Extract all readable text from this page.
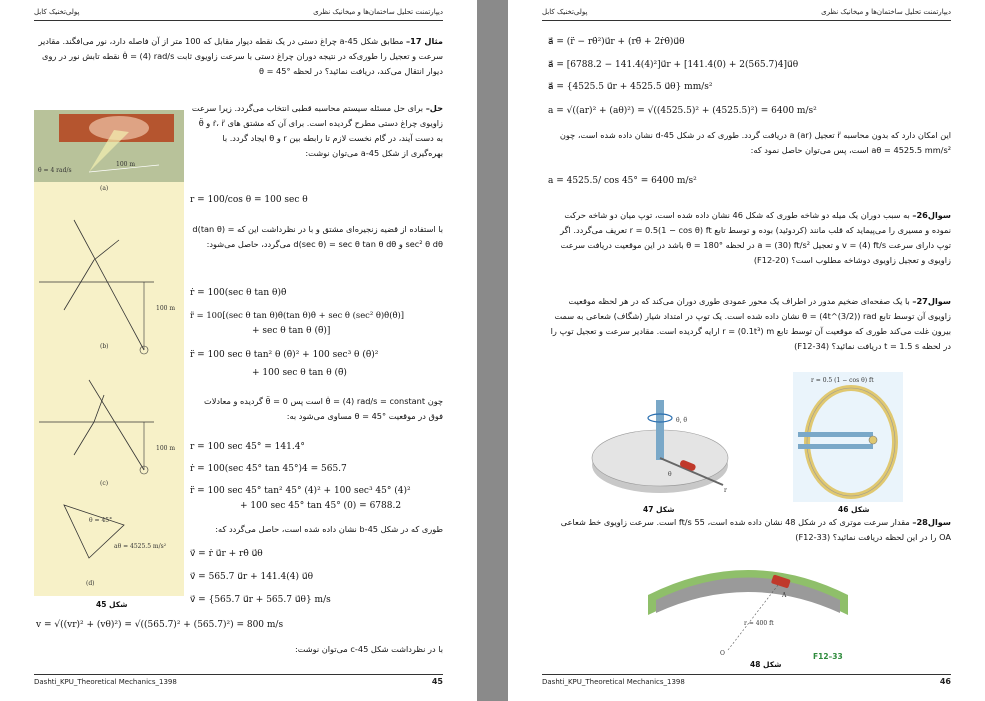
پولی‌تخنیک کابل	دیپارتمنت تحلیل ساختمان‌ها و میخانیک نظری
مثال 17– مطابق شکل 45-a چراغ دستی در یک نقطه دیوار مقابل که 100 متر از آن فاصله دارد، نور می‌افگند. مقادیر سرعت و تعجیل را طوری‌که در نتیجه دوران چراغ دستی با سرعت زاویوی ثابت θ̇ = (4) rad/s نقطه تابش نور در روی دیوار انتقال می‌کند، دریافت نمائید؟ در لحظه θ = 45°
100 m
θ̇ = 4 rad/s
(a)
100 m
(b)
100 m
(c)
θ = 45°
aθ = 4525.5 m/s²
(d)
شکل 45
حل– برای حل مسئله سیستم محاسبه قطبی انتخاب می‌گردد. زیرا سرعت زاویوی چراغ دستی مطرح گردیده است. برای آن که مشتق های ṙ، r̈ و θ̈ به دست آیند، در گام نخست لازم تا رابطه بین r و θ ایجاد گردد. با بهره‌گیری از شکل 45-a می‌توان نوشت:
r = 100/cos θ = 100 sec θ
با استفاده از قضیه زنجیره‌ای مشتق و با در نظرداشت این که d(tan θ) = sec² θ dθ و d(sec θ) = sec θ tan θ dθ می‌گردد، حاصل می‌شود:
ṙ = 100(sec θ tan θ)θ̇
r̈ = 100[(sec θ tan θ)θ̇(tan θ)θ̇ + sec θ (sec² θ)θ̇(θ̇)]
+ sec θ tan θ (θ̈)]
r̈ = 100 sec θ tan² θ (θ̇)² + 100 sec³ θ (θ̇)²
+ 100 sec θ tan θ (θ̈)
چون θ̇ = (4) rad/s = constant است پس θ̈ = 0 گردیده و معادلات فوق در موقعیت θ = 45° مساوی می‌شود به:
r = 100 sec 45° = 141.4°
ṙ = 100(sec 45° tan 45°)4 = 565.7
r̈ = 100 sec 45° tan² 45° (4)² + 100 sec³ 45° (4)²
+ 100 sec 45° tan 45° (0) = 6788.2
طوری که در شکل 45-b نشان داده شده است، حاصل می‌گردد که:
v⃗ = ṙ u⃗r + rθ̇ u⃗θ
v⃗ = 565.7 u⃗r + 141.4(4) u⃗θ
v⃗ = {565.7 u⃗r + 565.7 u⃗θ} m/s
v = √((vr)² + (vθ)²) = √((565.7)² + (565.7)²) = 800 m/s
با در نظرداشت شکل 45-c می‌توان نوشت:
Dashti_KPU_Theoretical Mechanics_1398	45
پولی‌تخنیک کابل	دیپارتمنت تحلیل ساختمان‌ها و میخانیک نظری
a⃗ = (r̈ − rθ̇²)u⃗r + (rθ̈ + 2ṙθ̇)u⃗θ
a⃗ = [6788.2 − 141.4(4)²]u⃗r + [141.4(0) + 2(565.7)4]u⃗θ
a⃗ = {4525.5 u⃗r + 4525.5 u⃗θ} mm/s²
a = √((ar)² + (aθ)²) = √((4525.5)² + (4525.5)²) = 6400 m/s²
این امکان دارد که بدون محاسبه r̈ تعجیل (ar) a دریافت گردد. طوری که در شکل 45-d نشان داده شده است، چون aθ = 4525.5 mm/s² است، پس می‌توان حاصل نمود که:
a = 4525.5/ cos 45° = 6400 m/s²
سوال26– به سبب دوران یک میله دو شاخه طوری که شکل 46 نشان داده شده است، توپ میان دو شاخه حرکت نموده و مسیری را می‌پیماید که قلب مانند (کردوئید) بوده و توسط تابع r = 0.5(1 − cos θ) ft تعریف می‌گردد. اگر توپ دارای سرعت v = (4) ft/s و تعجیل a = (30) ft/s² در لحظه θ = 180° باشد در این موقعیت دریافت سرعت زاویوی و تعجیل زاویوی دوشاخه مطلوب است؟ (F12-20)
سوال27– با یک صفحه‌ای ضخیم مدور در اطراف یک محور عمودی طوری دوران می‌کند که در هر لحظه موقعیت زاویوی آن توسط تابع θ = (4t^(3/2)) rad نشان داده شده است. یک توپ در امتداد شیار (شگاف) شعاعی به سمت بیرون غلت می‌کند طوری که موقعیت آن توسط تابع r = (0.1t³) m ارایه گردیده است. مقادیر سرعت و تعجیل توپ را در لحظه t = 1.5 s دریافت نمائید؟ (F12-34)
θ̇, θ̈
θ
r
شکل 47
r = 0.5 (1 − cos θ) ft
شکل 46
سوال28– مقدار سرعت موتری که در شکل 48 نشان داده شده است، 55 ft/s است. سرعت زاویوی خط شعاعی OA را در این لحظه دریافت نمائید؟ (F12-33)
r = 400 ft
O
A
F12–33
شکل 48
Dashti_KPU_Theoretical Mechanics_1398	46
